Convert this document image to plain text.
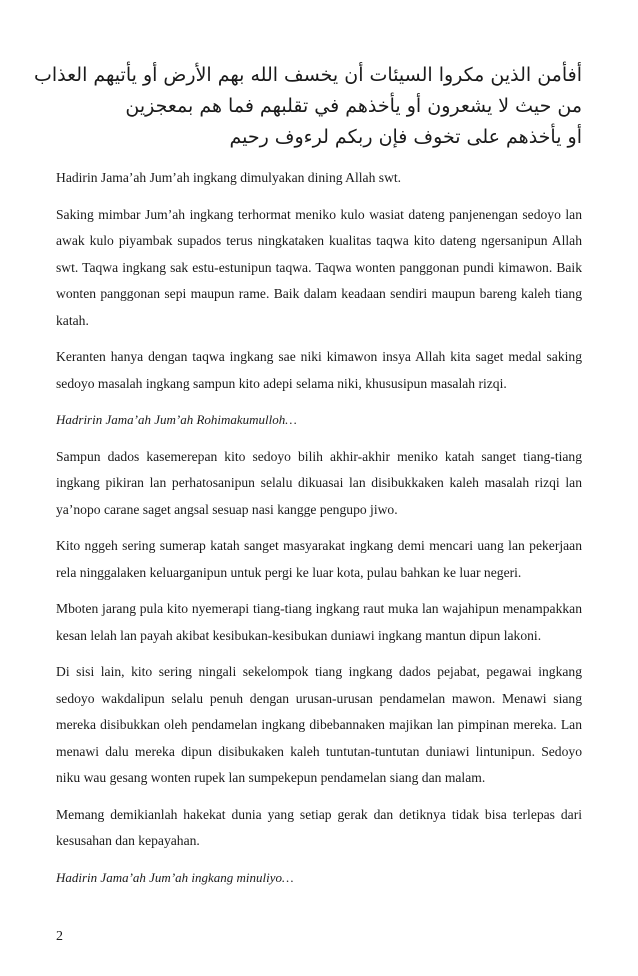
أفأمن الذين مكروا السيئات أن يخسف الله بهم الأرض أو يأتيهم العذاب
من حيث لا يشعرون أو يأخذهم في تقلبهم فما هم بمعجزين
أو يأخذهم على تخوف فإن ربكم لرءوف رحيم

Hadirin Jama’ah Jum’ah ingkang dimulyakan dining Allah swt.

Saking mimbar Jum’ah ingkang terhormat meniko kulo wasiat dateng panjenengan sedoyo lan awak kulo piyambak supados terus ningkataken kualitas taqwa kito dateng ngersanipun Allah swt. Taqwa ingkang sak estu-estunipun taqwa. Taqwa wonten panggonan pundi kimawon. Baik wonten panggonan sepi maupun rame. Baik dalam keadaan sendiri maupun bareng kaleh tiang katah.

Keranten hanya dengan taqwa ingkang sae niki kimawon insya Allah kita saget medal saking sedoyo masalah ingkang sampun kito adepi selama niki, khususipun masalah rizqi.

Hadririn Jama’ah Jum’ah Rohimakumulloh…

Sampun dados kasemerepan kito sedoyo bilih akhir-akhir meniko katah sanget tiang-tiang ingkang pikiran lan perhatosanipun selalu dikuasai lan disibukkaken kaleh masalah rizqi lan ya’nopo carane saget angsal sesuap nasi kangge pengupo jiwo.

Kito nggeh sering sumerap katah sanget masyarakat ingkang demi mencari uang lan pekerjaan rela ninggalaken keluarganipun untuk pergi ke luar kota, pulau bahkan ke luar negeri.

Mboten jarang pula kito nyemerapi tiang-tiang ingkang raut muka lan wajahipun menampakkan kesan lelah lan payah akibat kesibukan-kesibukan duniawi ingkang mantun dipun lakoni.

Di sisi lain, kito sering ningali sekelompok tiang ingkang dados pejabat, pegawai ingkang sedoyo wakdalipun selalu penuh dengan urusan-urusan pendamelan mawon. Menawi siang mereka disibukkan oleh pendamelan ingkang dibebannaken majikan lan pimpinan mereka. Lan menawi dalu mereka dipun disibukaken kaleh tuntutan-tuntutan duniawi lintunipun. Sedoyo niku wau gesang wonten rupek lan sumpekepun pendamelan siang dan malam.

Memang demikianlah hakekat dunia yang setiap gerak dan detiknya tidak bisa terlepas dari kesusahan dan kepayahan.

Hadirin Jama’ah Jum’ah ingkang minuliyo…

2
